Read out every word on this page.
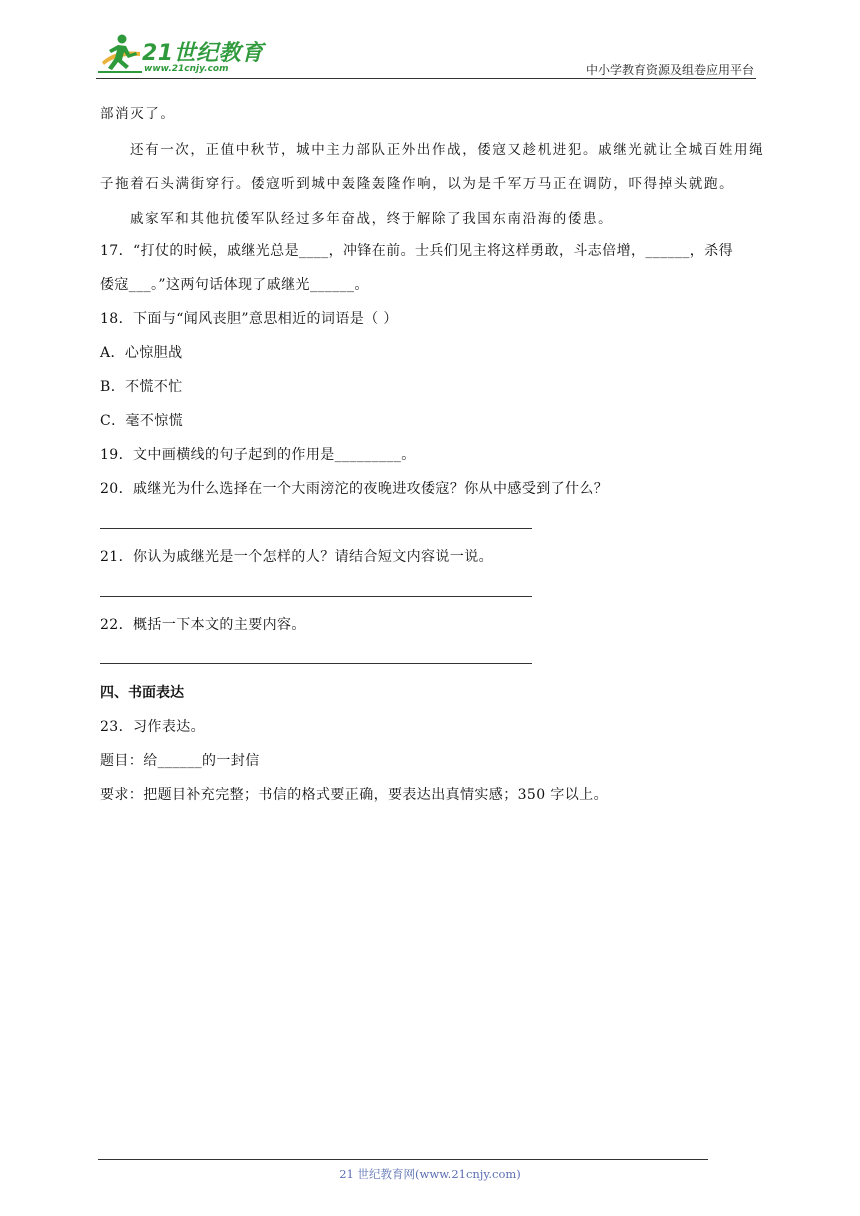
21世纪教育
www.21cnjy.com	中小学教育资源及组卷应用平台
部消灭了。
还有一次，正值中秋节，城中主力部队正外出作战，倭寇又趁机进犯。戚继光就让全城百姓用绳
子拖着石头满街穿行。倭寇听到城中轰隆轰隆作响，以为是千军万马正在调防，吓得掉头就跑。
戚家军和其他抗倭军队经过多年奋战，终于解除了我国东南沿海的倭患。
17．“打仗的时候，戚继光总是____，冲锋在前。士兵们见主将这样勇敢，斗志倍增，______，杀得
倭寇___。”这两句话体现了戚继光______。
18．下面与“闻风丧胆”意思相近的词语是（ ）
A．心惊胆战
B．不慌不忙
C．毫不惊慌
19．文中画横线的句子起到的作用是_________。
20．戚继光为什么选择在一个大雨滂沱的夜晚进攻倭寇？你从中感受到了什么？
21．你认为戚继光是一个怎样的人？请结合短文内容说一说。
22．概括一下本文的主要内容。
四、书面表达
23．习作表达。
题目：给______的一封信
要求：把题目补充完整；书信的格式要正确，要表达出真情实感；350 字以上。
21 世纪教育网(www.21cnjy.com)
